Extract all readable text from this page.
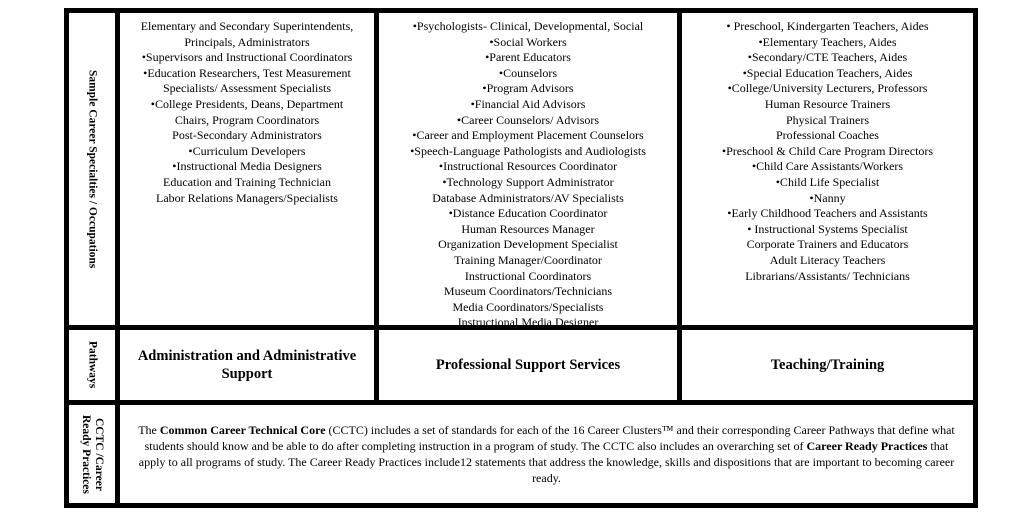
Sample Career Specialties / Occupations
Pathways
CCTC /Career Ready Practices
Elementary and Secondary Superintendents,
Principals, Administrators
•Supervisors and Instructional Coordinators
•Education Researchers, Test Measurement
Specialists/ Assessment Specialists
•College Presidents, Deans, Department
Chairs, Program Coordinators
Post-Secondary Administrators
•Curriculum Developers
•Instructional Media Designers
Education and Training Technician
Labor Relations Managers/Specialists
•Psychologists- Clinical, Developmental, Social
•Social Workers
•Parent Educators
•Counselors
•Program Advisors
•Financial Aid Advisors
•Career Counselors/ Advisors
•Career and Employment Placement Counselors
•Speech-Language Pathologists and Audiologists
•Instructional Resources Coordinator
•Technology Support Administrator
Database Administrators/AV Specialists
•Distance Education Coordinator
Human Resources Manager
Organization Development Specialist
Training Manager/Coordinator
Instructional Coordinators
Museum Coordinators/Technicians
Media Coordinators/Specialists
Instructional Media Designer
• Preschool, Kindergarten Teachers, Aides
•Elementary Teachers, Aides
•Secondary/CTE Teachers, Aides
•Special Education Teachers, Aides
•College/University Lecturers, Professors
Human Resource Trainers
Physical Trainers
Professional Coaches
•Preschool & Child Care Program Directors
•Child Care Assistants/Workers
•Child Life Specialist
•Nanny
•Early Childhood Teachers and Assistants
• Instructional Systems Specialist
Corporate Trainers and Educators
Adult Literacy Teachers
Librarians/Assistants/ Technicians
Administration and Administrative Support
Professional Support Services	Teaching/Training
The Common Career Technical Core (CCTC) includes a set of standards for each of the 16 Career Clusters™ and their corresponding Career Pathways that define what students should know and be able to do after completing instruction in a program of study. The CCTC also includes an overarching set of Career Ready Practices that apply to all programs of study. The Career Ready Practices include12 statements that address the knowledge, skills and dispositions that are important to becoming career ready.
